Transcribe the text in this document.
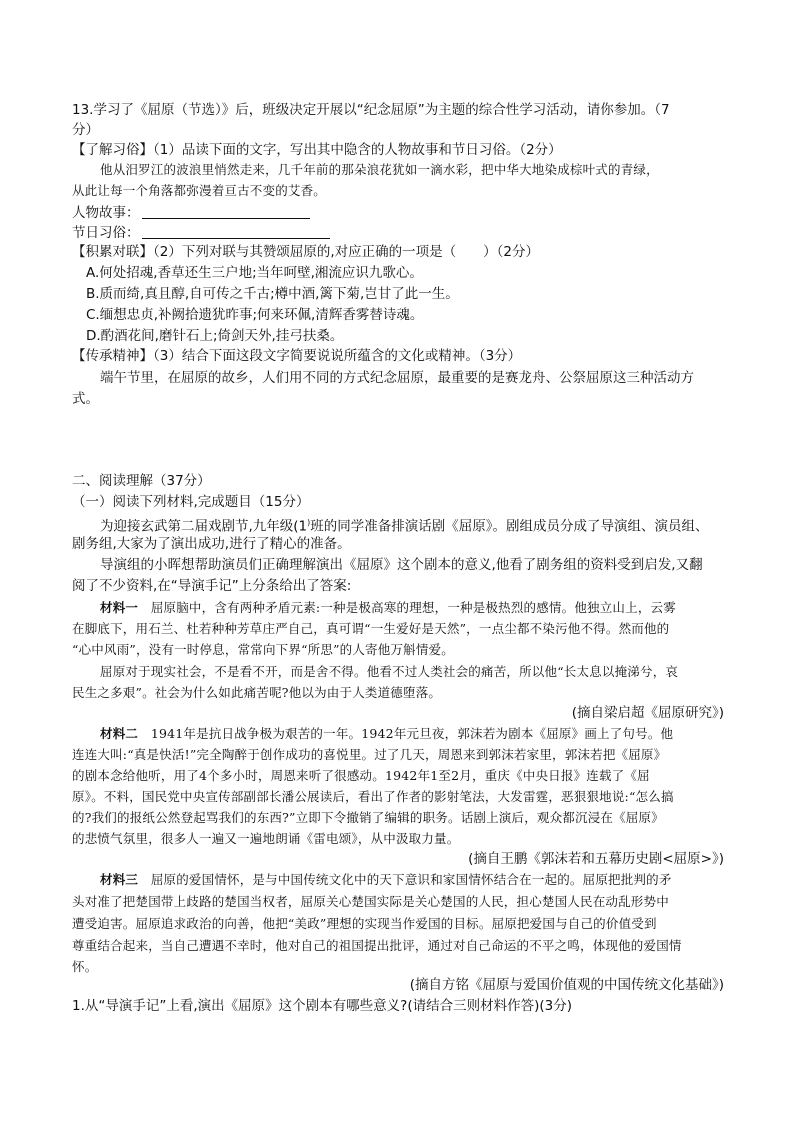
13.学习了《屈原（节选）》后，班级决定开展以“纪念屈原”为主题的综合性学习活动，请你参加。（7
分）
【了解习俗】（1）品读下面的文字，写出其中隐含的人物故事和节日习俗。（2分）
他从汨罗江的波浪里悄然走来，几千年前的那朵浪花犹如一滴水彩，把中华大地染成棕叶式的青绿，
从此让每一个角落都弥漫着亘古不变的艾香。
人物故事：
节日习俗：
【积累对联】（2）下列对联与其赞颂屈原的,对应正确的一项是（　　）（2分）
A.何处招魂,香草还生三户地;当年呵壁,湘流应识九歌心。
B.质而绮,真且醇,自可传之千古;樽中酒,篱下菊,岂甘了此一生。
C.缅想忠贞,补阙拾遗犹昨事;何来环佩,清辉香雾替诗魂。
D.酌酒花间,磨针石上;倚剑天外,挂弓扶桑。
【传承精神】（3）结合下面这段文字简要说说所蕴含的文化或精神。（3分）
端午节里，在屈原的故乡，人们用不同的方式纪念屈原，最重要的是赛龙舟、公祭屈原这三种活动方
式。
二、阅读理解（37分）
（一）阅读下列材料,完成题目（15分）
为迎接玄武第二届戏剧节,九年级(1)班的同学准备排演话剧《屈原》。剧组成员分成了导演组、演员组、
剧务组,大家为了演出成功,进行了精心的准备。
导演组的小晖想帮助演员们正确理解演出《屈原》这个剧本的意义,他看了剧务组的资料受到启发,又翻
阅了不少资料,在“导演手记”上分条给出了答案:
材料一　 屈原脑中，含有两种矛盾元素:一种是极高寒的理想，一种是极热烈的感情。他独立山上，云雾
在脚底下，用石兰、杜若种种芳草庄严自己，真可谓“一生爱好是天然”，一点尘都不染污他不得。然而他的
“心中风雨”，没有一时停息，常常向下界“所思”的人寄他万斛情爱。
屈原对于现实社会，不是看不开，而是舍不得。他看不过人类社会的痛苦，所以他“长太息以掩涕兮，哀
民生之多艰”。社会为什么如此痛苦呢?他以为由于人类道德堕落。
(摘自梁启超《屈原研究》)
材料二　 1941年是抗日战争极为艰苦的一年。1942年元旦夜，郭沫若为剧本《屈原》画上了句号。他
连连大叫:“真是快活!”完全陶醉于创作成功的喜悦里。过了几天，周恩来到郭沫若家里，郭沫若把《屈原》
的剧本念给他听，用了4个多小时，周恩来听了很感动。1942年1至2月，重庆《中央日报》连载了《屈
原》。不料，国民党中央宣传部副部长潘公展读后，看出了作者的影射笔法，大发雷霆，恶狠狠地说:“怎么搞
的?我们的报纸公然登起骂我们的东西?”立即下令撤销了编辑的职务。话剧上演后，观众都沉浸在《屈原》
的悲愤气氛里，很多人一遍又一遍地朗诵《雷电颂》，从中汲取力量。
(摘自王鹏《郭沫若和五幕历史剧<屈原>》)
材料三　 屈原的爱国情怀，是与中国传统文化中的天下意识和家国情怀结合在一起的。屈原把批判的矛
头对准了把楚国带上歧路的楚国当权者，屈原关心楚国实际是关心楚国的人民，担心楚国人民在动乱形势中
遭受迫害。屈原追求政治的向善，他把“美政”理想的实现当作爱国的目标。屈原把爱国与自己的价值受到
尊重结合起来，当自己遭遇不幸时，他对自己的祖国提出批评，通过对自己命运的不平之鸣，体现他的爱国情
怀。
(摘自方铭《屈原与爱国价值观的中国传统文化基础》)
1.从“导演手记”上看,演出《屈原》这个剧本有哪些意义?(请结合三则材料作答)(3分)
